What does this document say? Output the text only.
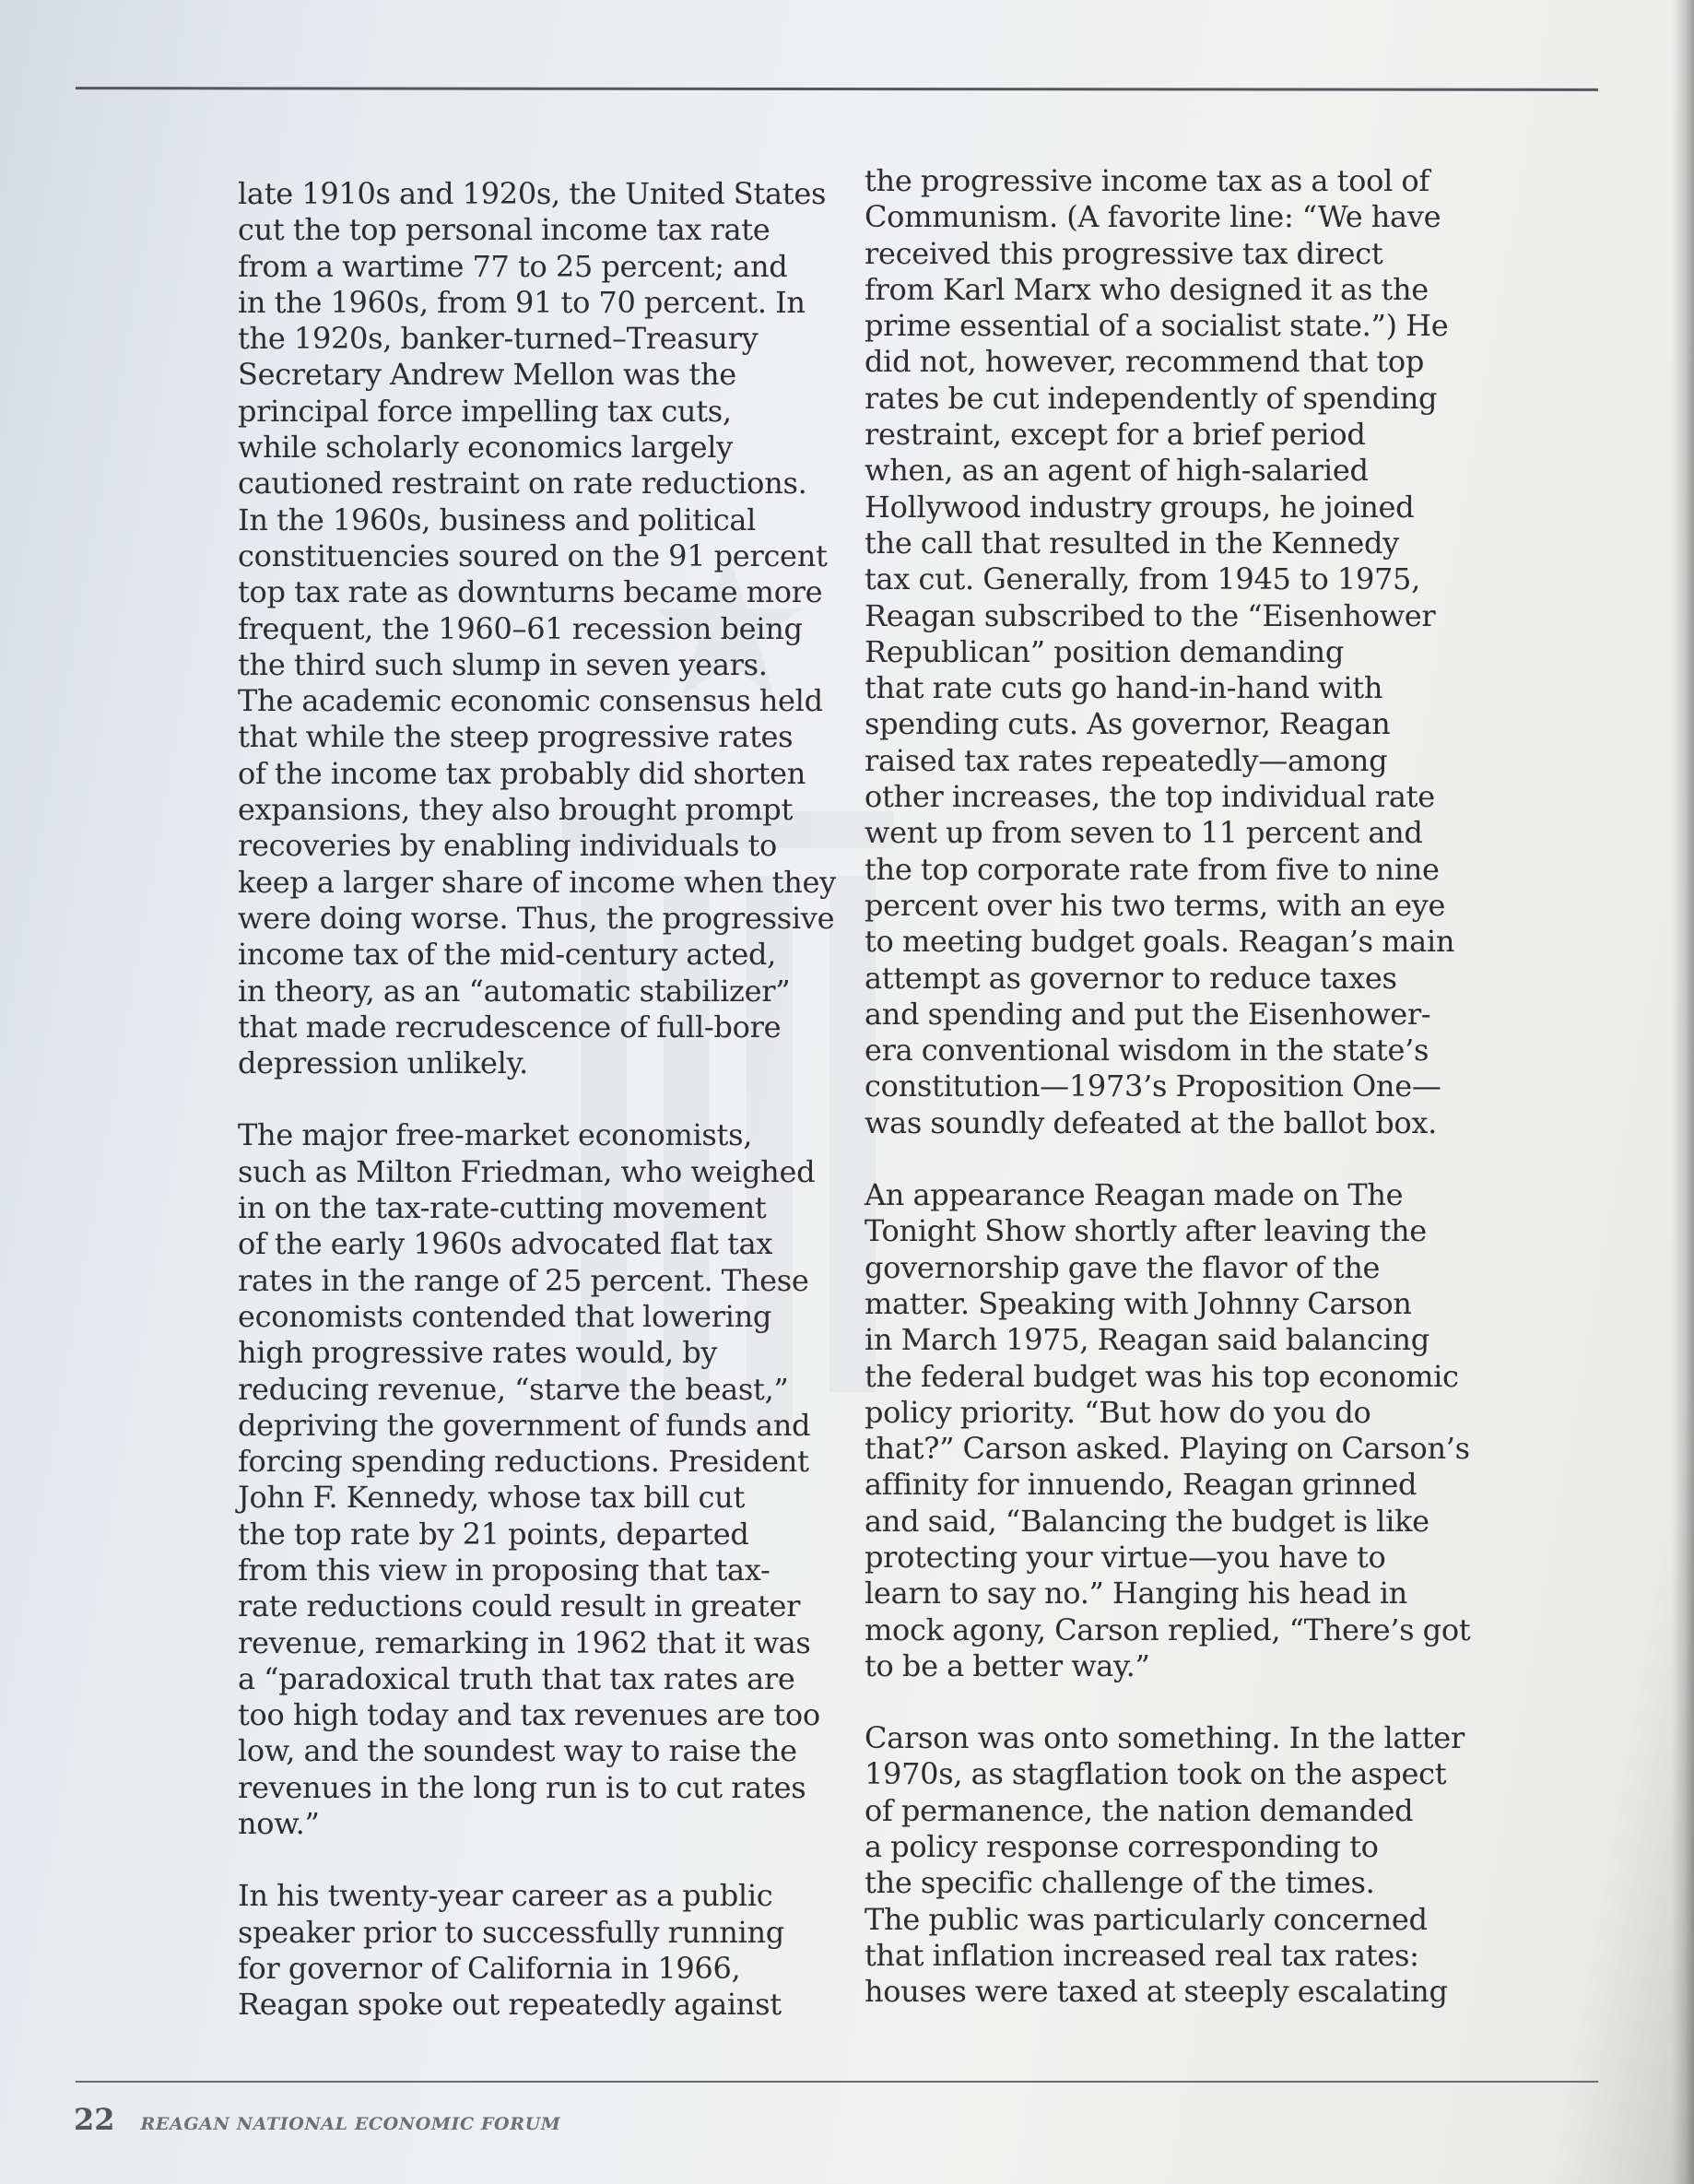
late 1910s and 1920s, the United States

cut the top personal income tax rate

from a wartime 77 to 25 percent; and

in the 1960s, from 91 to 70 percent. In

the 1920s, banker-turned–Treasury

Secretary Andrew Mellon was the

principal force impelling tax cuts,

while scholarly economics largely

cautioned restraint on rate reductions.

In the 1960s, business and political

constituencies soured on the 91 percent

top tax rate as downturns became more

frequent, the 1960–61 recession being

the third such slump in seven years.

The academic economic consensus held

that while the steep progressive rates

of the income tax probably did shorten

expansions, they also brought prompt

recoveries by enabling individuals to

keep a larger share of income when they

were doing worse. Thus, the progressive

income tax of the mid-century acted,

in theory, as an “automatic stabilizer”

that made recrudescence of full-bore

depression unlikely.

The major free-market economists,

such as Milton Friedman, who weighed

in on the tax-rate-cutting movement

of the early 1960s advocated flat tax

rates in the range of 25 percent. These

economists contended that lowering

high progressive rates would, by

reducing revenue, “starve the beast,”

depriving the government of funds and

forcing spending reductions. President

John F. Kennedy, whose tax bill cut

the top rate by 21 points, departed

from this view in proposing that tax-

rate reductions could result in greater

revenue, remarking in 1962 that it was

a “paradoxical truth that tax rates are

too high today and tax revenues are too

low, and the soundest way to raise the

revenues in the long run is to cut rates

now.”

In his twenty-year career as a public

speaker prior to successfully running

for governor of California in 1966,

Reagan spoke out repeatedly against

the progressive income tax as a tool of

Communism. (A favorite line: “We have

received this progressive tax direct

from Karl Marx who designed it as the

prime essential of a socialist state.”) He

did not, however, recommend that top

rates be cut independently of spending

restraint, except for a brief period

when, as an agent of high-salaried

Hollywood industry groups, he joined

the call that resulted in the Kennedy

tax cut. Generally, from 1945 to 1975,

Reagan subscribed to the “Eisenhower

Republican” position demanding

that rate cuts go hand-in-hand with

spending cuts. As governor, Reagan

raised tax rates repeatedly—among

other increases, the top individual rate

went up from seven to 11 percent and

the top corporate rate from five to nine

percent over his two terms, with an eye

to meeting budget goals. Reagan’s main

attempt as governor to reduce taxes

and spending and put the Eisenhower-

era conventional wisdom in the state’s

constitution—1973’s Proposition One—

was soundly defeated at the ballot box.

An appearance Reagan made on The

Tonight Show shortly after leaving the

governorship gave the flavor of the

matter. Speaking with Johnny Carson

in March 1975, Reagan said balancing

the federal budget was his top economic

policy priority. “But how do you do

that?” Carson asked. Playing on Carson’s

affinity for innuendo, Reagan grinned

and said, “Balancing the budget is like

protecting your virtue—you have to

learn to say no.” Hanging his head in

mock agony, Carson replied, “There’s got

to be a better way.”

Carson was onto something. In the latter

1970s, as stagflation took on the aspect

of permanence, the nation demanded

a policy response corresponding to

the specific challenge of the times.

The public was particularly concerned

that inflation increased real tax rates:

houses were taxed at steeply escalating

22 REAGAN NATIONAL ECONOMIC FORUM
